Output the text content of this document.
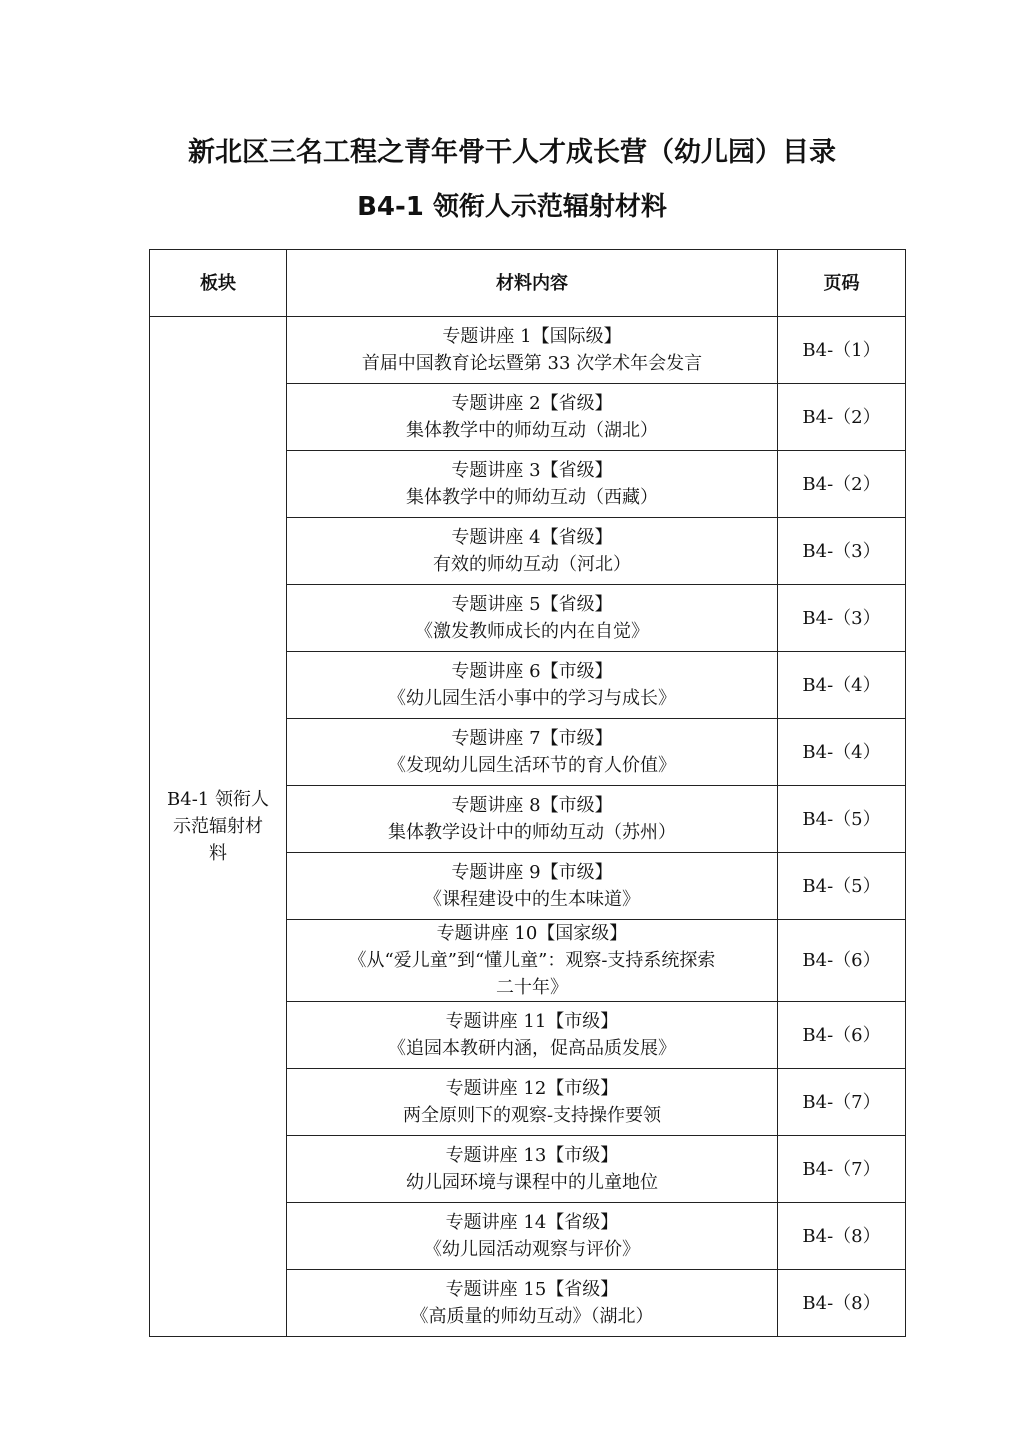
新北区三名工程之青年骨干人才成长营（幼儿园）目录
B4-1 领衔人示范辐射材料
板块	材料内容	页码

B4-1 领衔人
示范辐射材
料	专题讲座 1【国际级】
首届中国教育论坛暨第 33 次学术年会发言	B4-（1）

	专题讲座 2【省级】
集体教学中的师幼互动（湖北）	B4-（2）

	专题讲座 3【省级】
集体教学中的师幼互动（西藏）	B4-（2）

	专题讲座 4【省级】
有效的师幼互动（河北）	B4-（3）

	专题讲座 5【省级】
《激发教师成长的内在自觉》	B4-（3）

	专题讲座 6【市级】
《幼儿园生活小事中的学习与成长》	B4-（4）

	专题讲座 7【市级】
《发现幼儿园生活环节的育人价值》	B4-（4）

	专题讲座 8【市级】
集体教学设计中的师幼互动（苏州）	B4-（5）

	专题讲座 9【市级】
《课程建设中的生本味道》	B4-（5）

	专题讲座 10【国家级】
《从“爱儿童”到“懂儿童”：观察-支持系统探索
二十年》	B4-（6）

	专题讲座 11【市级】
《追园本教研内涵，促高品质发展》	B4-（6）

	专题讲座 12【市级】
两全原则下的观察-支持操作要领	B4-（7）

	专题讲座 13【市级】
幼儿园环境与课程中的儿童地位	B4-（7）

	专题讲座 14【省级】
《幼儿园活动观察与评价》	B4-（8）

	专题讲座 15【省级】
《高质量的师幼互动》（湖北）	B4-（8）
